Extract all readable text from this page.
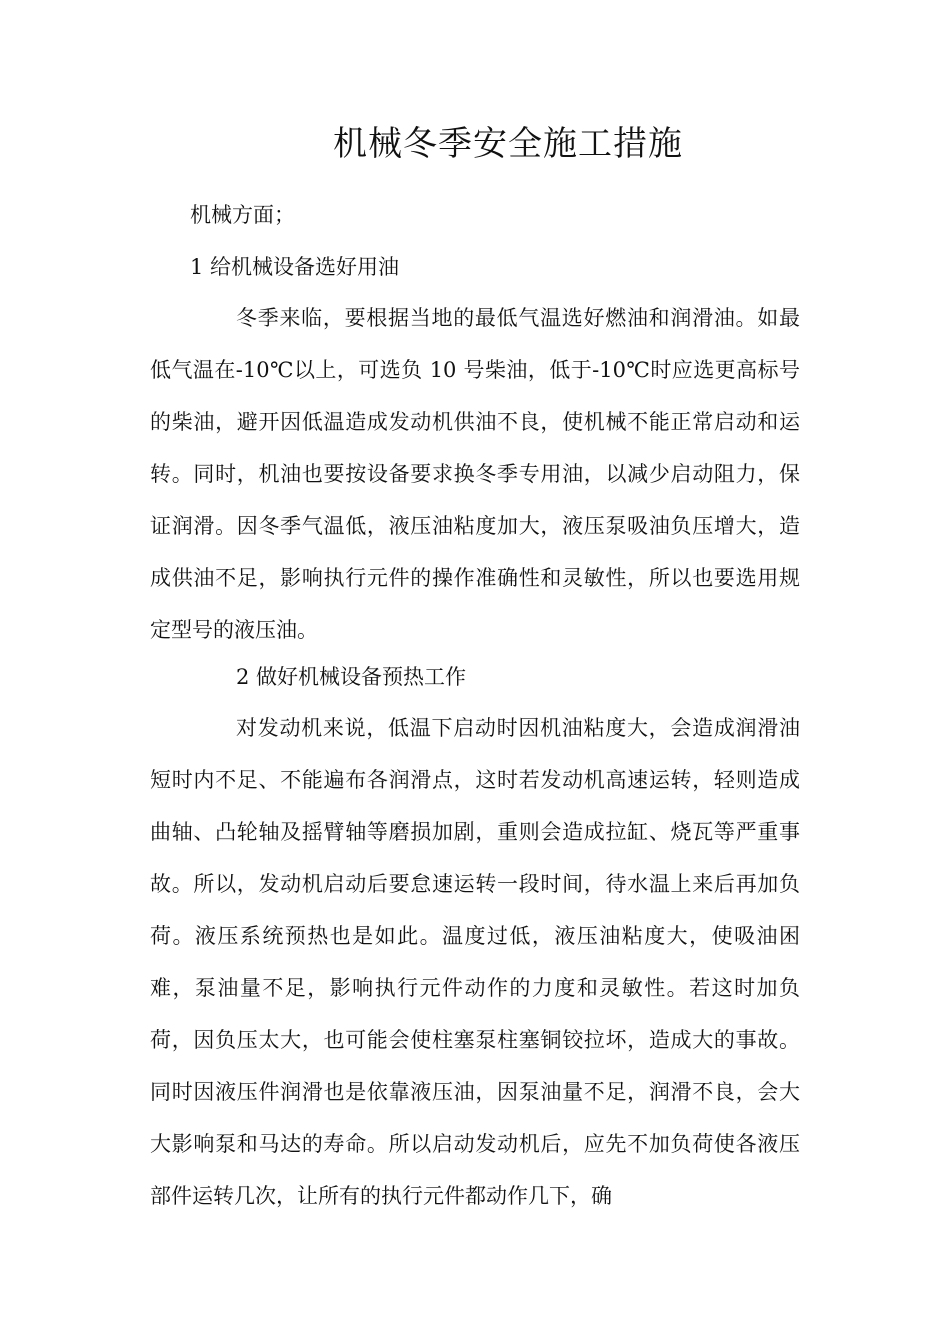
机械冬季安全施工措施

机械方面；

1 给机械设备选好用油

冬季来临，要根据当地的最低气温选好燃油和润滑油。如最低气温在-10℃以上，可选负 10 号柴油，低于-10℃时应选更高标号的柴油，避开因低温造成发动机供油不良，使机械不能正常启动和运转。同时，机油也要按设备要求换冬季专用油，以减少启动阻力，保证润滑。因冬季气温低，液压油粘度加大，液压泵吸油负压增大，造成供油不足，影响执行元件的操作准确性和灵敏性，所以也要选用规定型号的液压油。

2 做好机械设备预热工作

对发动机来说，低温下启动时因机油粘度大，会造成润滑油短时内不足、不能遍布各润滑点，这时若发动机高速运转，轻则造成曲轴、凸轮轴及摇臂轴等磨损加剧，重则会造成拉缸、烧瓦等严重事故。所以，发动机启动后要怠速运转一段时间，待水温上来后再加负荷。液压系统预热也是如此。温度过低，液压油粘度大，使吸油困难，泵油量不足，影响执行元件动作的力度和灵敏性。若这时加负荷，因负压太大，也可能会使柱塞泵柱塞铜铰拉坏，造成大的事故。同时因液压件润滑也是依靠液压油，因泵油量不足，润滑不良，会大大影响泵和马达的寿命。所以启动发动机后，应先不加负荷使各液压部件运转几次，让所有的执行元件都动作几下，确
